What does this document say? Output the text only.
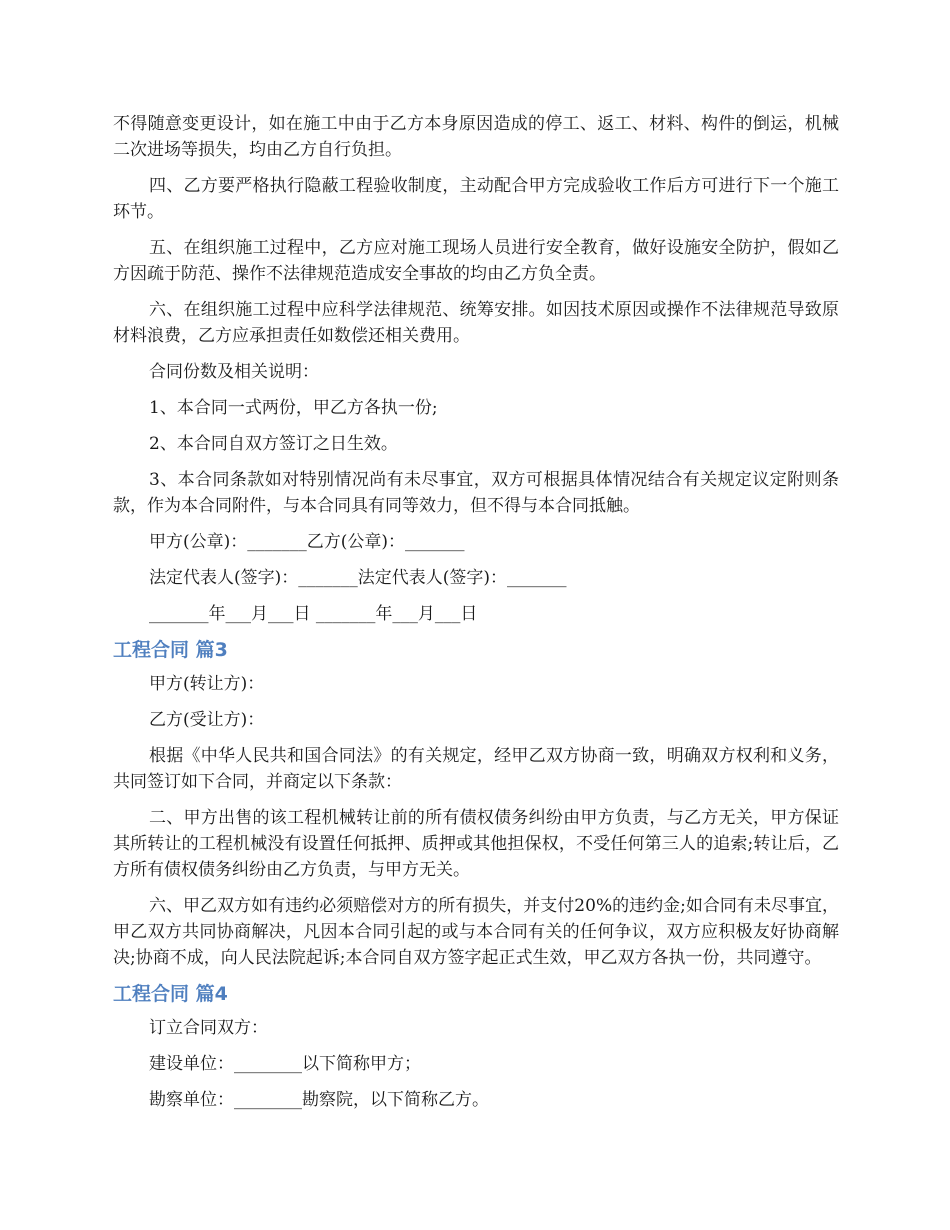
不得随意变更设计，如在施工中由于乙方本身原因造成的停工、返工、材料、构件的倒运，机械二次进场等损失，均由乙方自行负担。

四、乙方要严格执行隐蔽工程验收制度，主动配合甲方完成验收工作后方可进行下一个施工环节。

五、在组织施工过程中，乙方应对施工现场人员进行安全教育，做好设施安全防护，假如乙方因疏于防范、操作不法律规范造成安全事故的均由乙方负全责。

六、在组织施工过程中应科学法律规范、统筹安排。如因技术原因或操作不法律规范导致原材料浪费，乙方应承担责任如数偿还相关费用。

合同份数及相关说明：

1、本合同一式两份，甲乙方各执一份;

2、本合同自双方签订之日生效。

3、本合同条款如对特别情况尚有未尽事宜，双方可根据具体情况结合有关规定议定附则条款，作为本合同附件，与本合同具有同等效力，但不得与本合同抵触。

甲方(公章)：_______乙方(公章)：_______

法定代表人(签字)：_______法定代表人(签字)：_______

_______年___月___日 _______年___月___日

工程合同 篇3

甲方(转让方)：

乙方(受让方)：

根据《中华人民共和国合同法》的有关规定，经甲乙双方协商一致，明确双方权利和义务，共同签订如下合同，并商定以下条款：

二、甲方出售的该工程机械转让前的所有债权债务纠纷由甲方负责，与乙方无关，甲方保证其所转让的工程机械没有设置任何抵押、质押或其他担保权，不受任何第三人的追索;转让后，乙方所有债权债务纠纷由乙方负责，与甲方无关。

六、甲乙双方如有违约必须赔偿对方的所有损失，并支付20%的违约金;如合同有未尽事宜，甲乙双方共同协商解决，凡因本合同引起的或与本合同有关的任何争议，双方应积极友好协商解决;协商不成，向人民法院起诉;本合同自双方签字起正式生效，甲乙双方各执一份，共同遵守。

工程合同 篇4

订立合同双方：

建设单位：________以下简称甲方；

勘察单位：________勘察院，以下简称乙方。
